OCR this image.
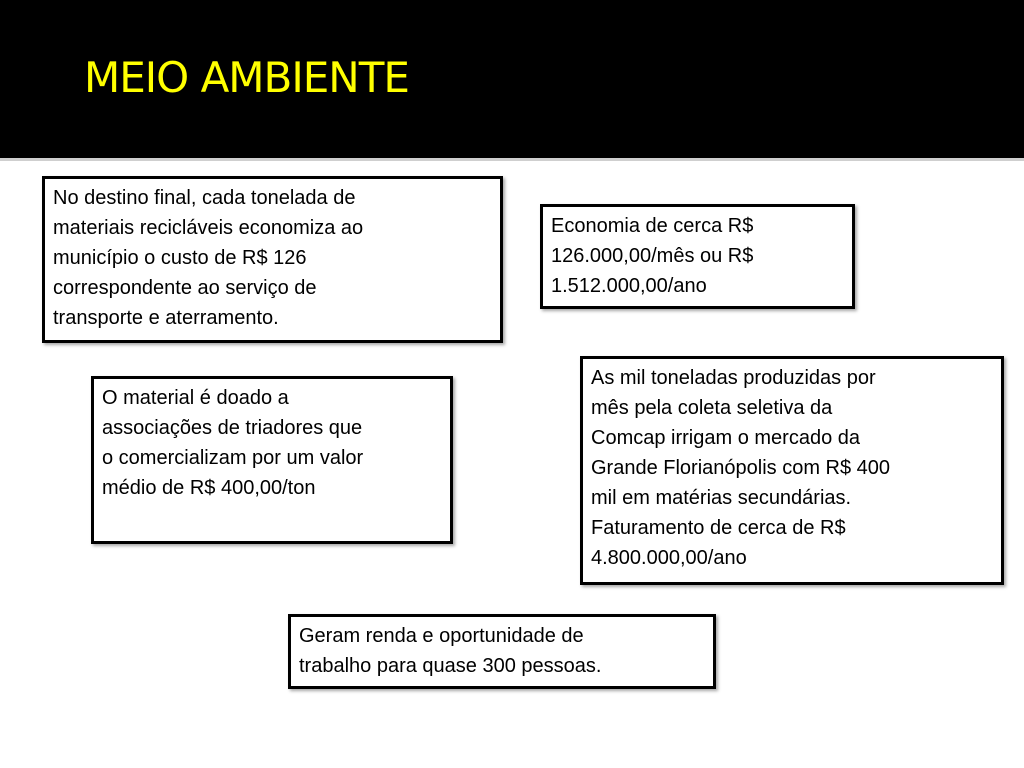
MEIO AMBIENTE
No destino final, cada tonelada de
materiais recicláveis economiza ao
município o custo de R$ 126
correspondente ao serviço de
transporte e aterramento.
Economia de cerca R$
126.000,00/mês ou R$
1.512.000,00/ano
O material é doado a
associações de triadores que
o comercializam por um valor
médio de R$ 400,00/ton
As mil toneladas produzidas por
mês pela coleta seletiva da
Comcap irrigam o mercado da
Grande Florianópolis com R$ 400
mil em matérias secundárias.
Faturamento de cerca de R$
4.800.000,00/ano
Geram renda e oportunidade de
trabalho para quase 300 pessoas.
